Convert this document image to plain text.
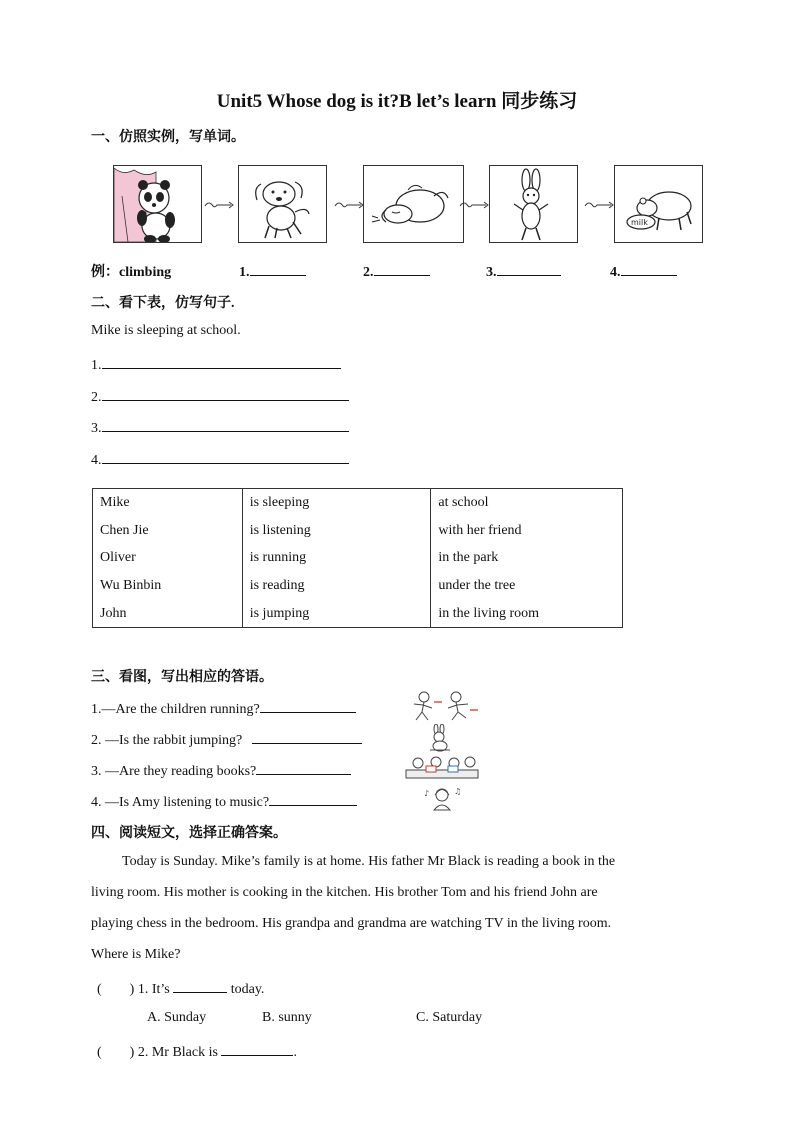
Unit5 Whose dog is it?B let’s learn 同步练习
一、仿照实例，写单词。
milk
例：climbing	1.	2.	3.	4.
二、看下表，仿写句子.
Mike is sleeping at school.
1.
2.
3.
4.
Mike	is sleeping	at school
Chen Jie	is listening	with her friend
Oliver	is running	in the park
Wu Binbin	is reading	under the tree
John	is jumping	in the living room
三、看图，写出相应的答语。
1.—Are the children running?
2. —Is the rabbit jumping?
3. —Are they reading books?
4. —Is Amy listening to music?
♪	♫
四、阅读短文，选择正确答案。
Today is Sunday. Mike’s family is at home. His father Mr Black is reading a book in the
living room. His mother is cooking in the kitchen. His brother Tom and his friend John are
playing chess in the bedroom. His grandpa and grandma are watching TV in the living room.
Where is Mike?
(　　) 1. It’s	today.
A. Sunday	B. sunny	C. Saturday
(　　) 2. Mr Black is	.
